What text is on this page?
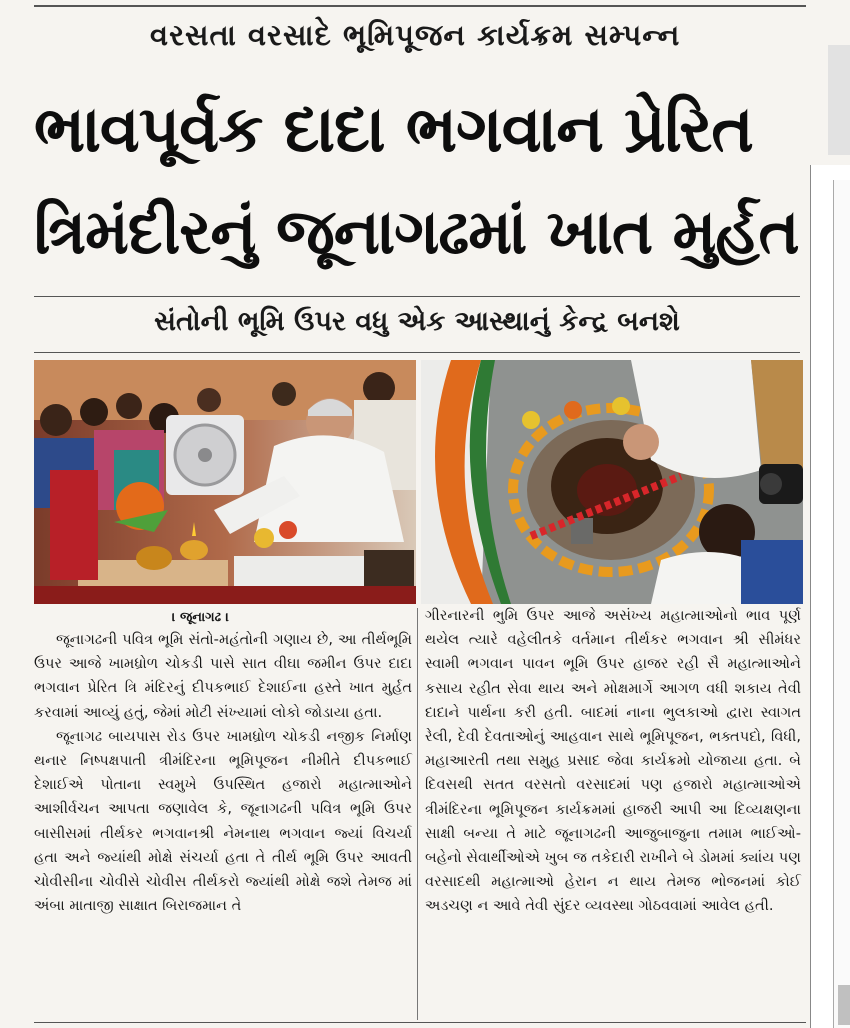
વરસતા વરસાદે ભૂમિપૂજન કાર્યક્રમ સમ્પન્ન
ભાવપૂર્વક દાદા ભગવાન પ્રેરિત
ત્રિમંદીરનું જૂનાગઢમાં ખાત મુર્હત
સંતોની ભૂમિ ઉપર વધુ એક આસ્થાનું કેન્દ્ર બનશે
। જૂનાગઢ ।

જૂનાગઢની પવિત્ર ભૂમિ સંતો-મહંતોની ગણાય છે, આ તીર્થભૂમિ ઉપર આજે ખામધ્રોળ ચોકડી પાસે સાત વીઘા જમીન ઉપર દાદા ભગવાન પ્રેરિત ત્રિ મંદિરનું દીપકભાઈ દેશાઈના હસ્તે ખાત મુર્હત કરવામાં આવ્યું હતું, જેમાં મોટી સંખ્યામાં લોકો જોડાયા હતા.

જૂનાગઢ બાયપાસ રોડ ઉપર ખામધ્રોળ ચોકડી નજીક નિર્માણ થનાર નિષ્પક્ષપાતી ત્રીમંદિરના ભૂમિપૂજન નીમીતે દીપકભાઈ દેશાઈએ પોતાના સ્વમુખે ઉપસ્થિત હજારો મહાત્માઓને આશીર્વચન આપતા જણાવેલ કે, જૂનાગઢની પવિત્ર ભૂમિ ઉપર બાસીસમાં તીર્થકર ભગવાનશ્રી નેમનાથ ભગવાન જ્યાં વિચર્યા હતા અને જ્યાંથી મોક્ષે સંચર્યા હતા તે તીર્થ ભૂમિ ઉપર આવતી ચોવીસીના ચોવીસે ચોવીસ તીર્થકરો જ્યાંથી મોક્ષે જશે તેમજ માં અંબા માતાજી સાક્ષાત બિરાજમાન તે

ગીરનારની ભુમિ ઉપર આજે અસંખ્ય મહાત્માઓનો ભાવ પૂર્ણ થયેલ ત્યારે વહેલીતકે વર્તમાન તીર્થકર ભગવાન શ્રી સીમંધર સ્વામી ભગવાન પાવન ભૂમિ ઉપર હાજર રહી સૈ મહાત્માઓને કસાય રહીત સેવા થાય અને મોક્ષમાર્ગે આગળ વધી શકાય તેવી દાદાને પાર્થના કરી હતી. બાદમાં નાના ભુલકાઓ દ્વારા સ્વાગત રેલી, દેવી દેવતાઓનું આહવાન સાથે ભૂમિપૂજન, ભક્તપદો, વિધી, મહાઆરતી તથા સમુહ પ્રસાદ જેવા કાર્યક્રમો યોજાયા હતા. બે દિવસથી સતત વરસતો વરસાદમાં પણ હજારો મહાત્માઓએ ત્રીમંદિરના ભૂમિપૂજન કાર્યક્રમમાં હાજરી આપી આ દિવ્યક્ષણના સાક્ષી બન્યા તે માટે જૂનાગઢની આજુબાજુના તમામ ભાઈઓ-બહેનો સેવાર્થીઓએ ખુબ જ તકેદારી રાખીને બે ડોમમાં ક્યાંય પણ વરસાદથી મહાત્માઓ હેરાન ન થાય તેમજ ભોજનમાં કોઈ અડચણ ન આવે તેવી સુંદર વ્યવસ્થા ગોઠવવામાં આવેલ હતી.
